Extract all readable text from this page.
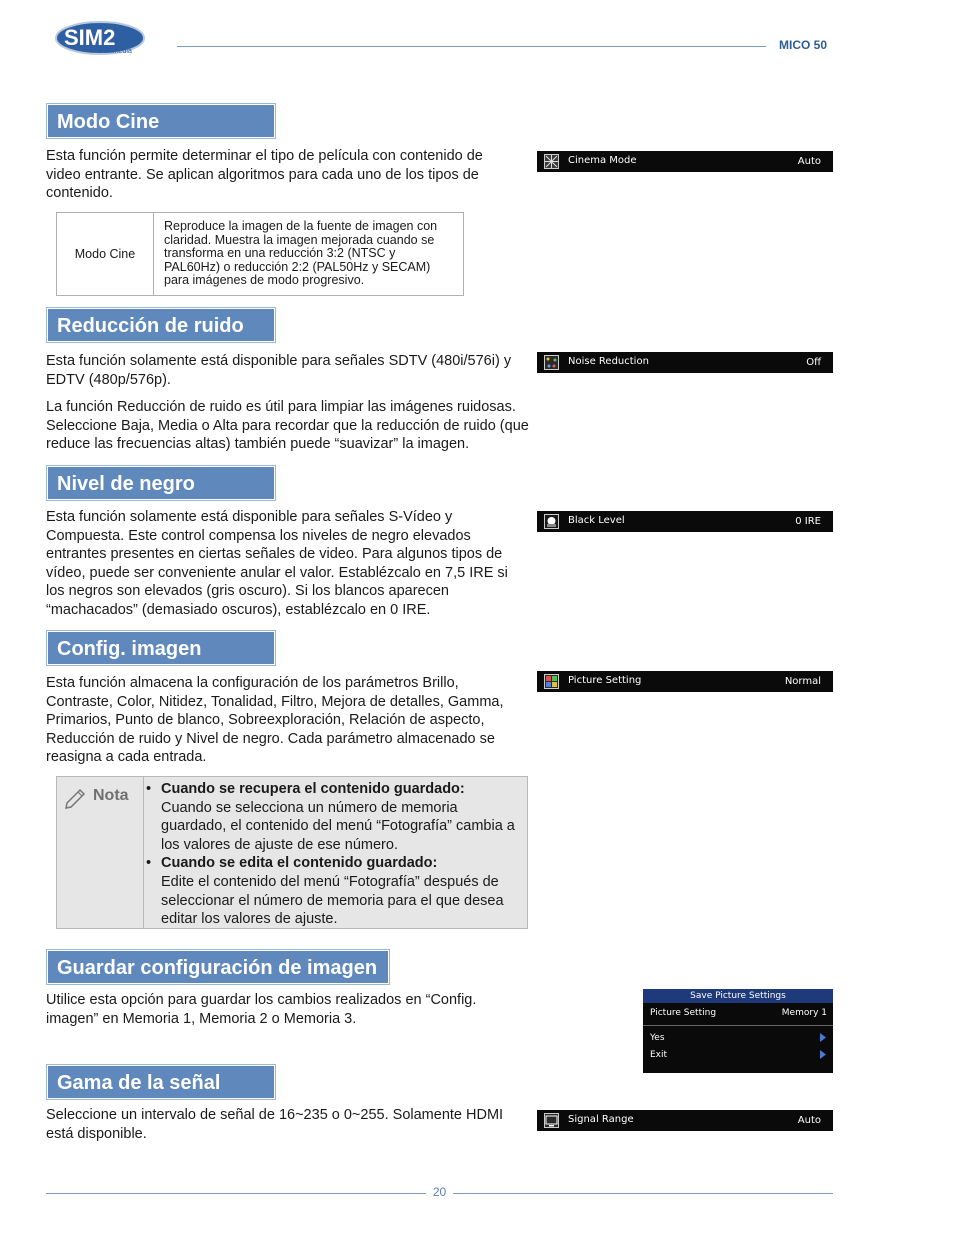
SIM2
Multimedia	MICO 50
Modo Cine
Esta función permite determinar el tipo de película con contenido de video entrante. Se aplican algoritmos para cada uno de los tipos de contenido.
Modo Cine	Reproduce la imagen de la fuente de imagen con claridad. Muestra la imagen mejorada cuando se transforma en una reducción 3:2 (NTSC y PAL60Hz) o reducción 2:2 (PAL50Hz y SECAM) para imágenes de modo progresivo.
Cinema Mode	Auto
Reducción de ruido
Esta función solamente está disponible para señales SDTV (480i/576i) y EDTV (480p/576p).
La función Reducción de ruido es útil para limpiar las imágenes ruidosas. Seleccione Baja, Media o Alta para recordar que la reducción de ruido (que reduce las frecuencias altas) también puede “suavizar” la imagen.
Noise Reduction	Off
Nivel de negro
Esta función solamente está disponible para señales S-Vídeo y Compuesta. Este control compensa los niveles de negro elevados entrantes presentes en ciertas señales de video. Para algunos tipos de vídeo, puede ser conveniente anular el valor. Establézcalo en 7,5 IRE si los negros son elevados (gris oscuro). Si los blancos aparecen “machacados” (demasiado oscuros), establézcalo en 0 IRE.
Black Level	0 IRE
Config. imagen
Esta función almacena la configuración de los parámetros Brillo, Contraste, Color, Nitidez, Tonalidad, Filtro, Mejora de detalles, Gamma, Primarios, Punto de blanco, Sobreexploración, Relación de aspecto, Reducción de ruido y Nivel de negro. Cada parámetro almacenado se reasigna a cada entrada.
Picture Setting	Normal
Nota • Cuando se recupera el contenido guardado:
Cuando se selecciona un número de memoria guardado, el contenido del menú “Fotografía” cambia a los valores de ajuste de ese número.
• Cuando se edita el contenido guardado:
Edite el contenido del menú “Fotografía” después de seleccionar el número de memoria para el que desea editar los valores de ajuste.
Guardar configuración de imagen
Utilice esta opción para guardar los cambios realizados en “Config. imagen” en Memoria 1, Memoria 2 o Memoria 3.
Save Picture Settings
Picture Setting	Memory 1
Yes
Exit
Gama de la señal
Seleccione un intervalo de señal de 16~235 o 0~255. Solamente HDMI está disponible.
Signal Range	Auto
20
